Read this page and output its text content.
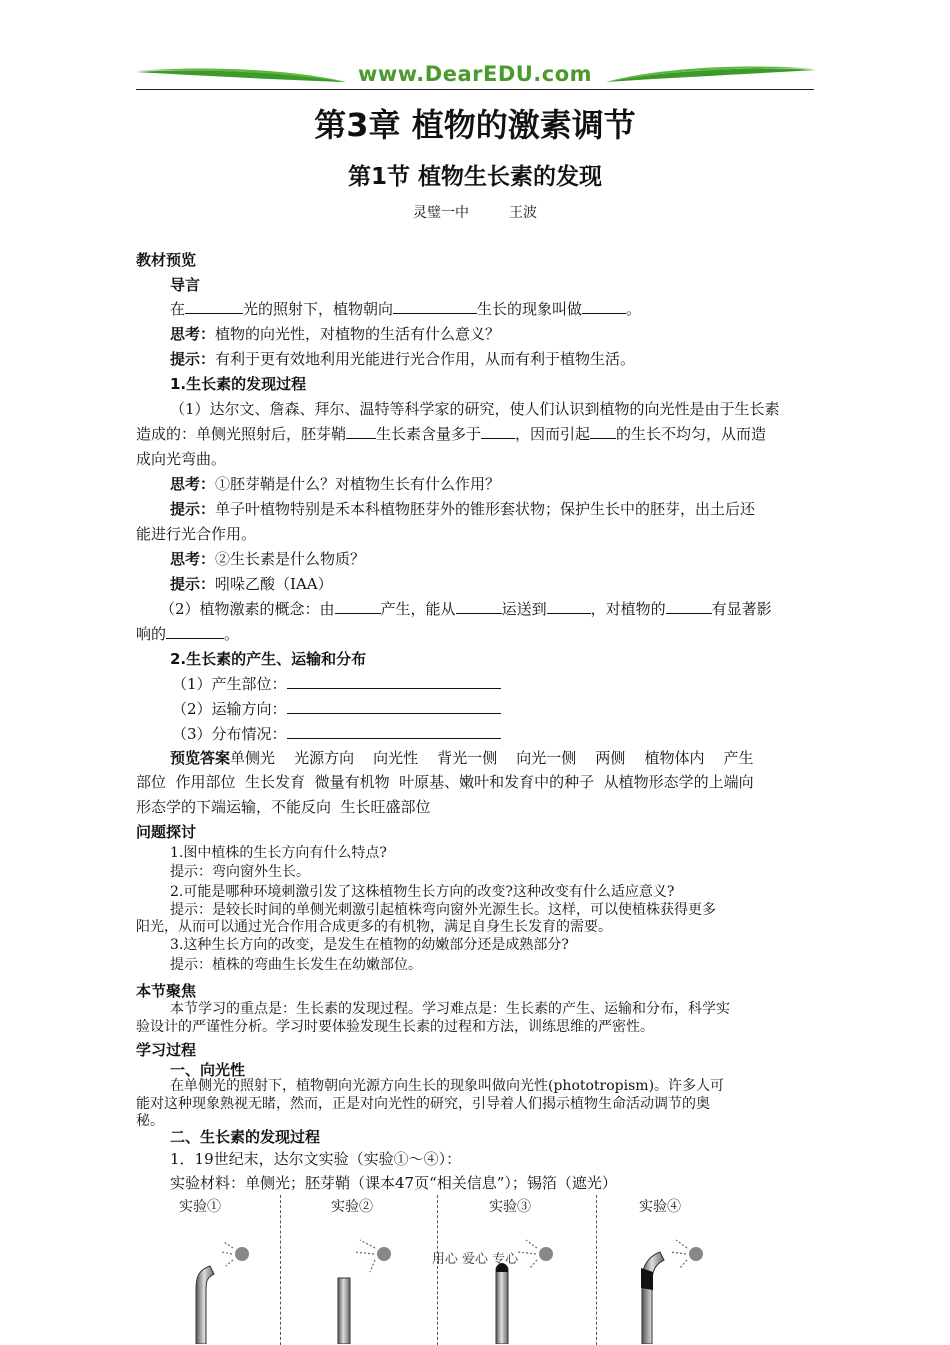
www.DearEDU.com
第3章 植物的激素调节
第1节 植物生长素的发现
灵璧一中	王波
教材预览
导言
在	光的照射下，植物朝向	生长的现象叫做	。
思考：植物的向光性，对植物的生活有什么意义？
提示：有利于更有效地利用光能进行光合作用，从而有利于植物生活。
1.生长素的发现过程
（1）达尔文、詹森、拜尔、温特等科学家的研究，使人们认识到植物的向光性是由于生长素
造成的：单侧光照射后，胚芽鞘 生长素含量多于 ，因而引起 的生长不均匀，从而造
成向光弯曲。
思考：①胚芽鞘是什么？对植物生长有什么作用？
提示：单子叶植物特别是禾本科植物胚芽外的锥形套状物；保护生长中的胚芽，出土后还
能进行光合作用。
思考：②生长素是什么物质？
提示：吲哚乙酸（IAA）
（2）植物激素的概念：由	产生，能从	运送到	，对植物的	有显著影
响的	。
2.生长素的产生、运输和分布
（1）产生部位：
（2）运输方向：
（3）分布情况：
预览答案单侧光    光源方向    向光性    背光一侧    向光一侧    两侧    植物体内    产生
部位  作用部位  生长发育  微量有机物  叶原基、嫩叶和发育中的种子  从植物形态学的上端向
形态学的下端运输，不能反向  生长旺盛部位
问题探讨
1.图中植株的生长方向有什么特点?
提示：弯向窗外生长。
2.可能是哪种环境刺激引发了这株植物生长方向的改变?这种改变有什么适应意义?
提示：是较长时间的单侧光刺激引起植株弯向窗外光源生长。这样，可以使植株获得更多
阳光，从而可以通过光合作用合成更多的有机物，满足自身生长发育的需要。
3.这种生长方向的改变，是发生在植物的幼嫩部分还是成熟部分?
提示：植株的弯曲生长发生在幼嫩部位。
本节聚焦
本节学习的重点是：生长素的发现过程。学习难点是：生长素的产生、运输和分布，科学实
验设计的严谨性分析。学习时要体验发现生长素的过程和方法，训练思维的严密性。
学习过程
一、向光性
在单侧光的照射下，植物朝向光源方向生长的现象叫做向光性(phototropism)。许多人可
能对这种现象熟视无睹，然而，正是对向光性的研究，引导着人们揭示植物生命活动调节的奥
秘。
二、生长素的发现过程
1．19世纪末，达尔文实验（实验①～④）：
实验材料：单侧光；胚芽鞘（课本47页“相关信息”）；锡箔（遮光）
实验①	实验②	实验③	实验④
用心 爱心 专心
